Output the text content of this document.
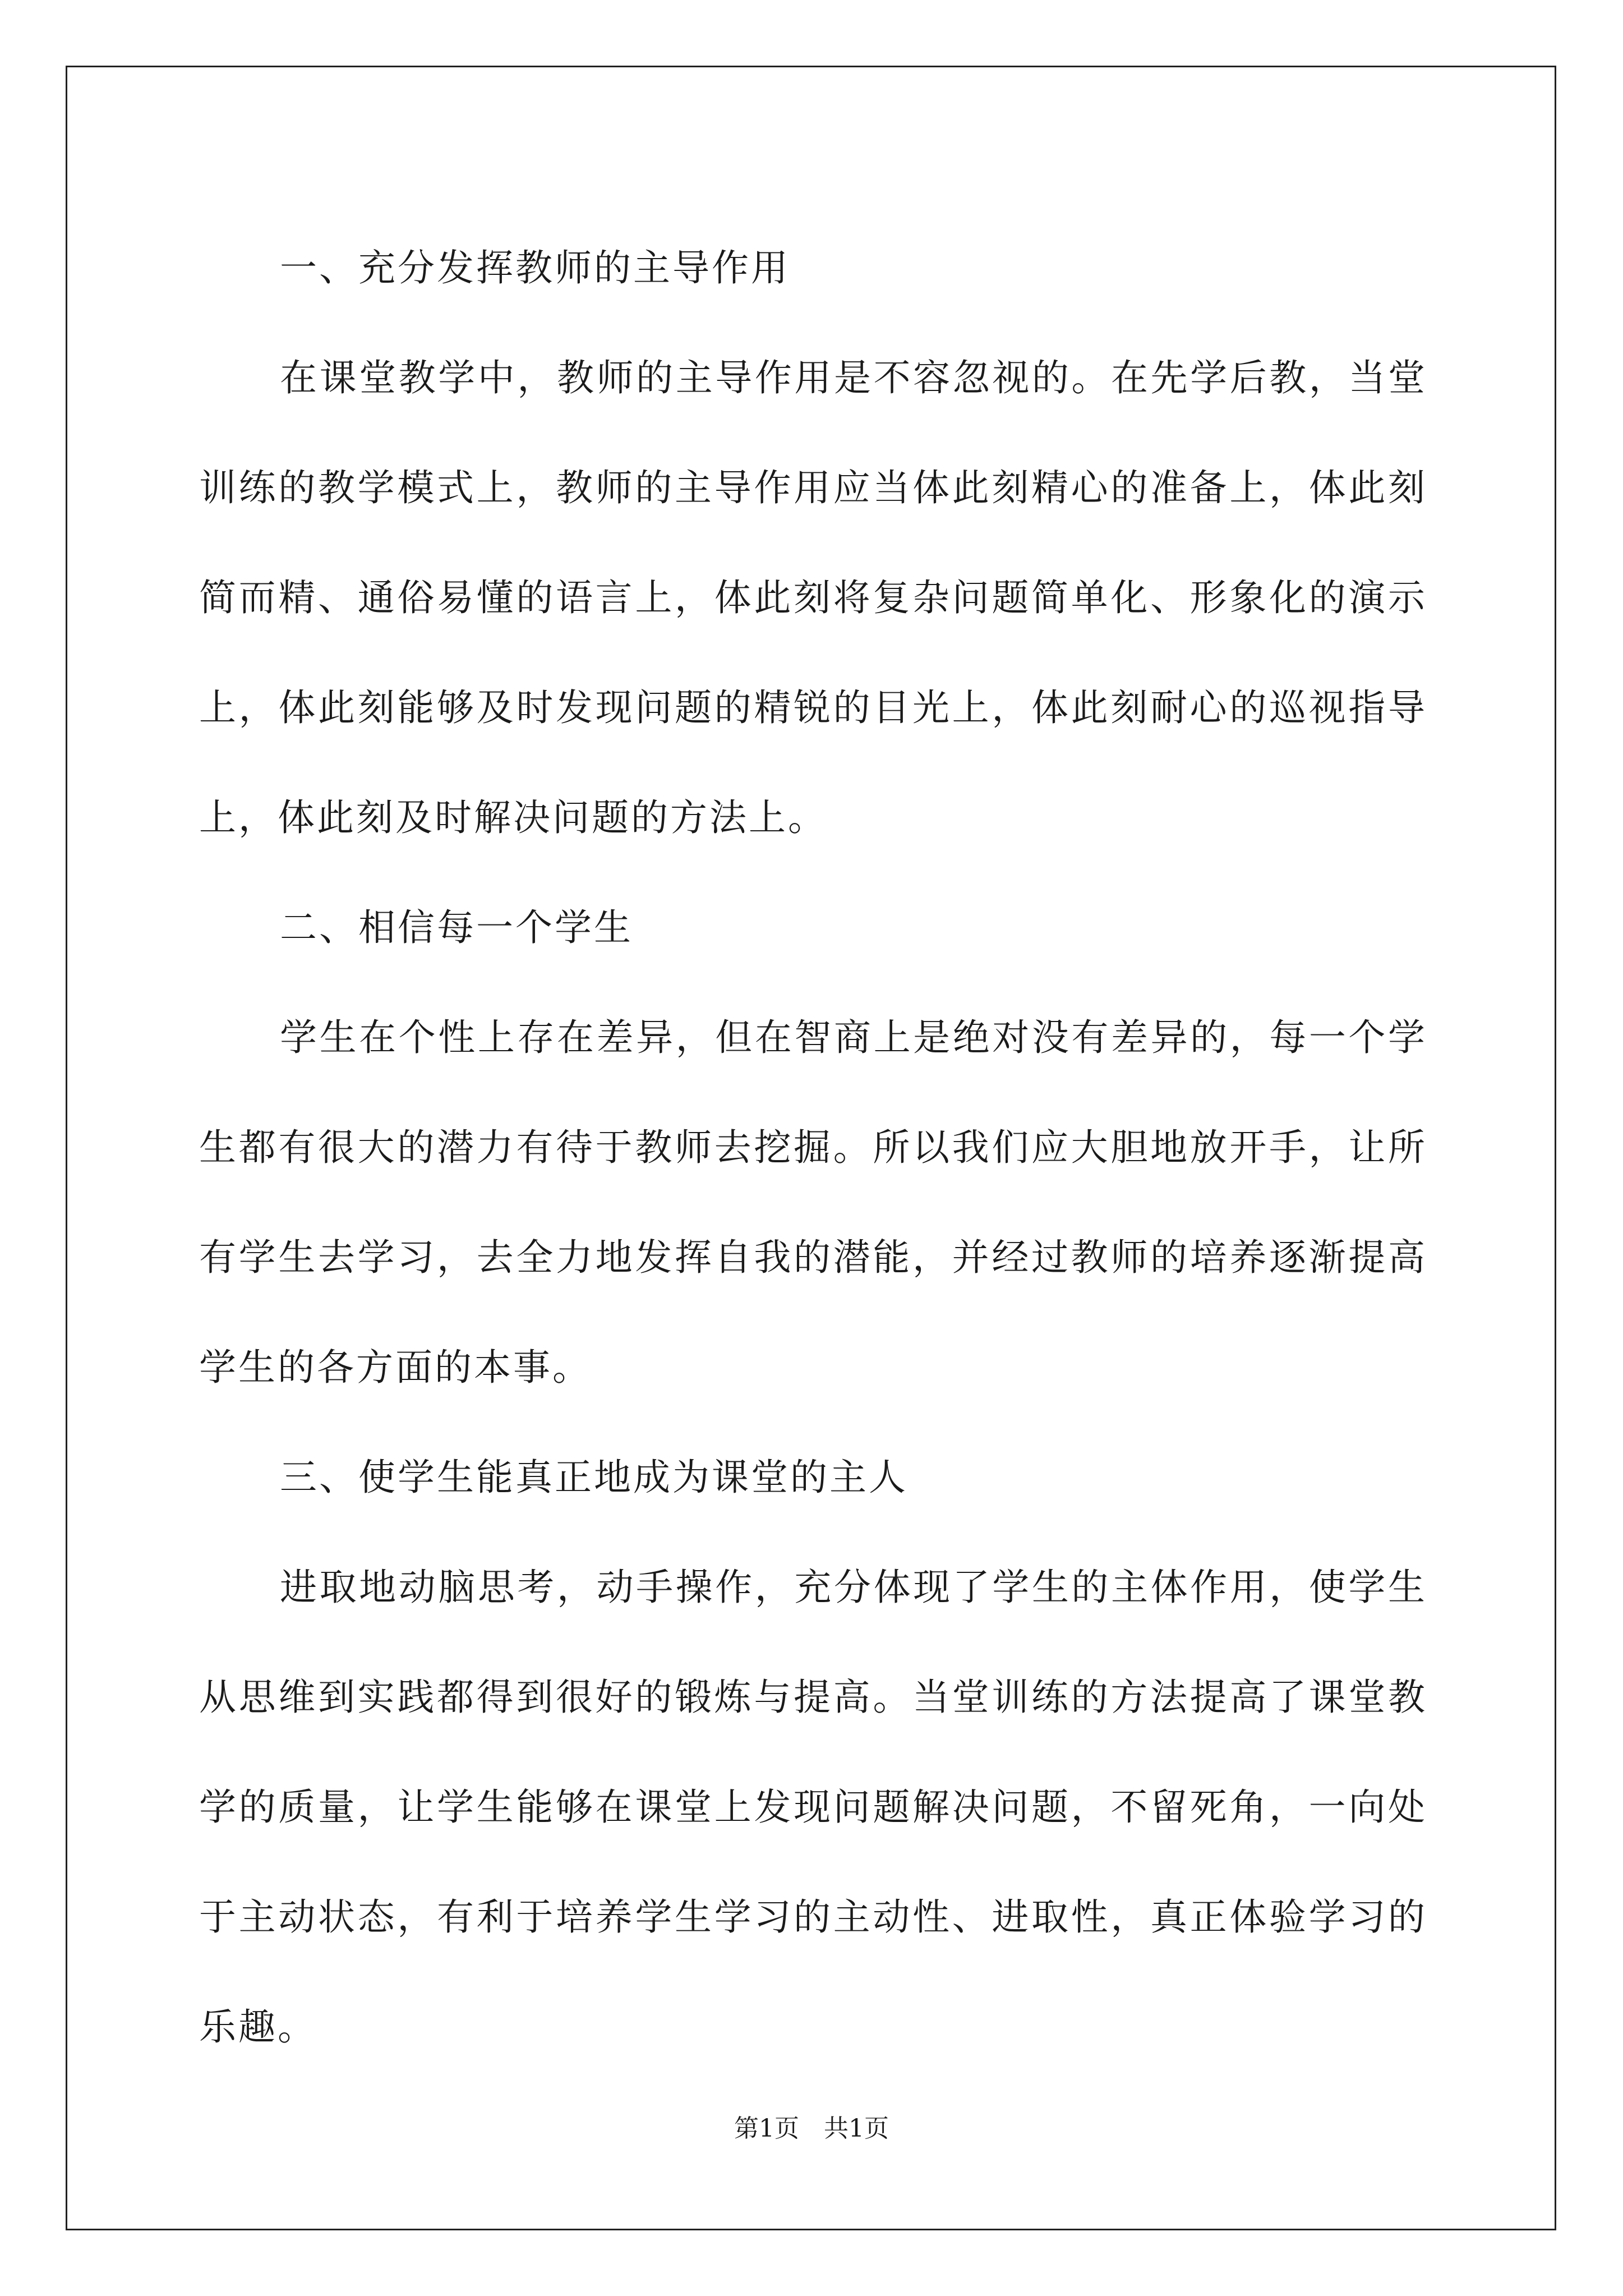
一、充分发挥教师的主导作用

在课堂教学中，教师的主导作用是不容忽视的。在先学后教，当堂训练的教学模式上，教师的主导作用应当体此刻精心的准备上，体此刻简而精、通俗易懂的语言上，体此刻将复杂问题简单化、形象化的演示上，体此刻能够及时发现问题的精锐的目光上，体此刻耐心的巡视指导上，体此刻及时解决问题的方法上。

二、相信每一个学生

学生在个性上存在差异，但在智商上是绝对没有差异的，每一个学生都有很大的潜力有待于教师去挖掘。所以我们应大胆地放开手，让所有学生去学习，去全力地发挥自我的潜能，并经过教师的培养逐渐提高学生的各方面的本事。

三、使学生能真正地成为课堂的主人

进取地动脑思考，动手操作，充分体现了学生的主体作用，使学生从思维到实践都得到很好的锻炼与提高。当堂训练的方法提高了课堂教学的质量，让学生能够在课堂上发现问题解决问题，不留死角，一向处于主动状态，有利于培养学生学习的主动性、进取性，真正体验学习的乐趣。

第1页 共1页
